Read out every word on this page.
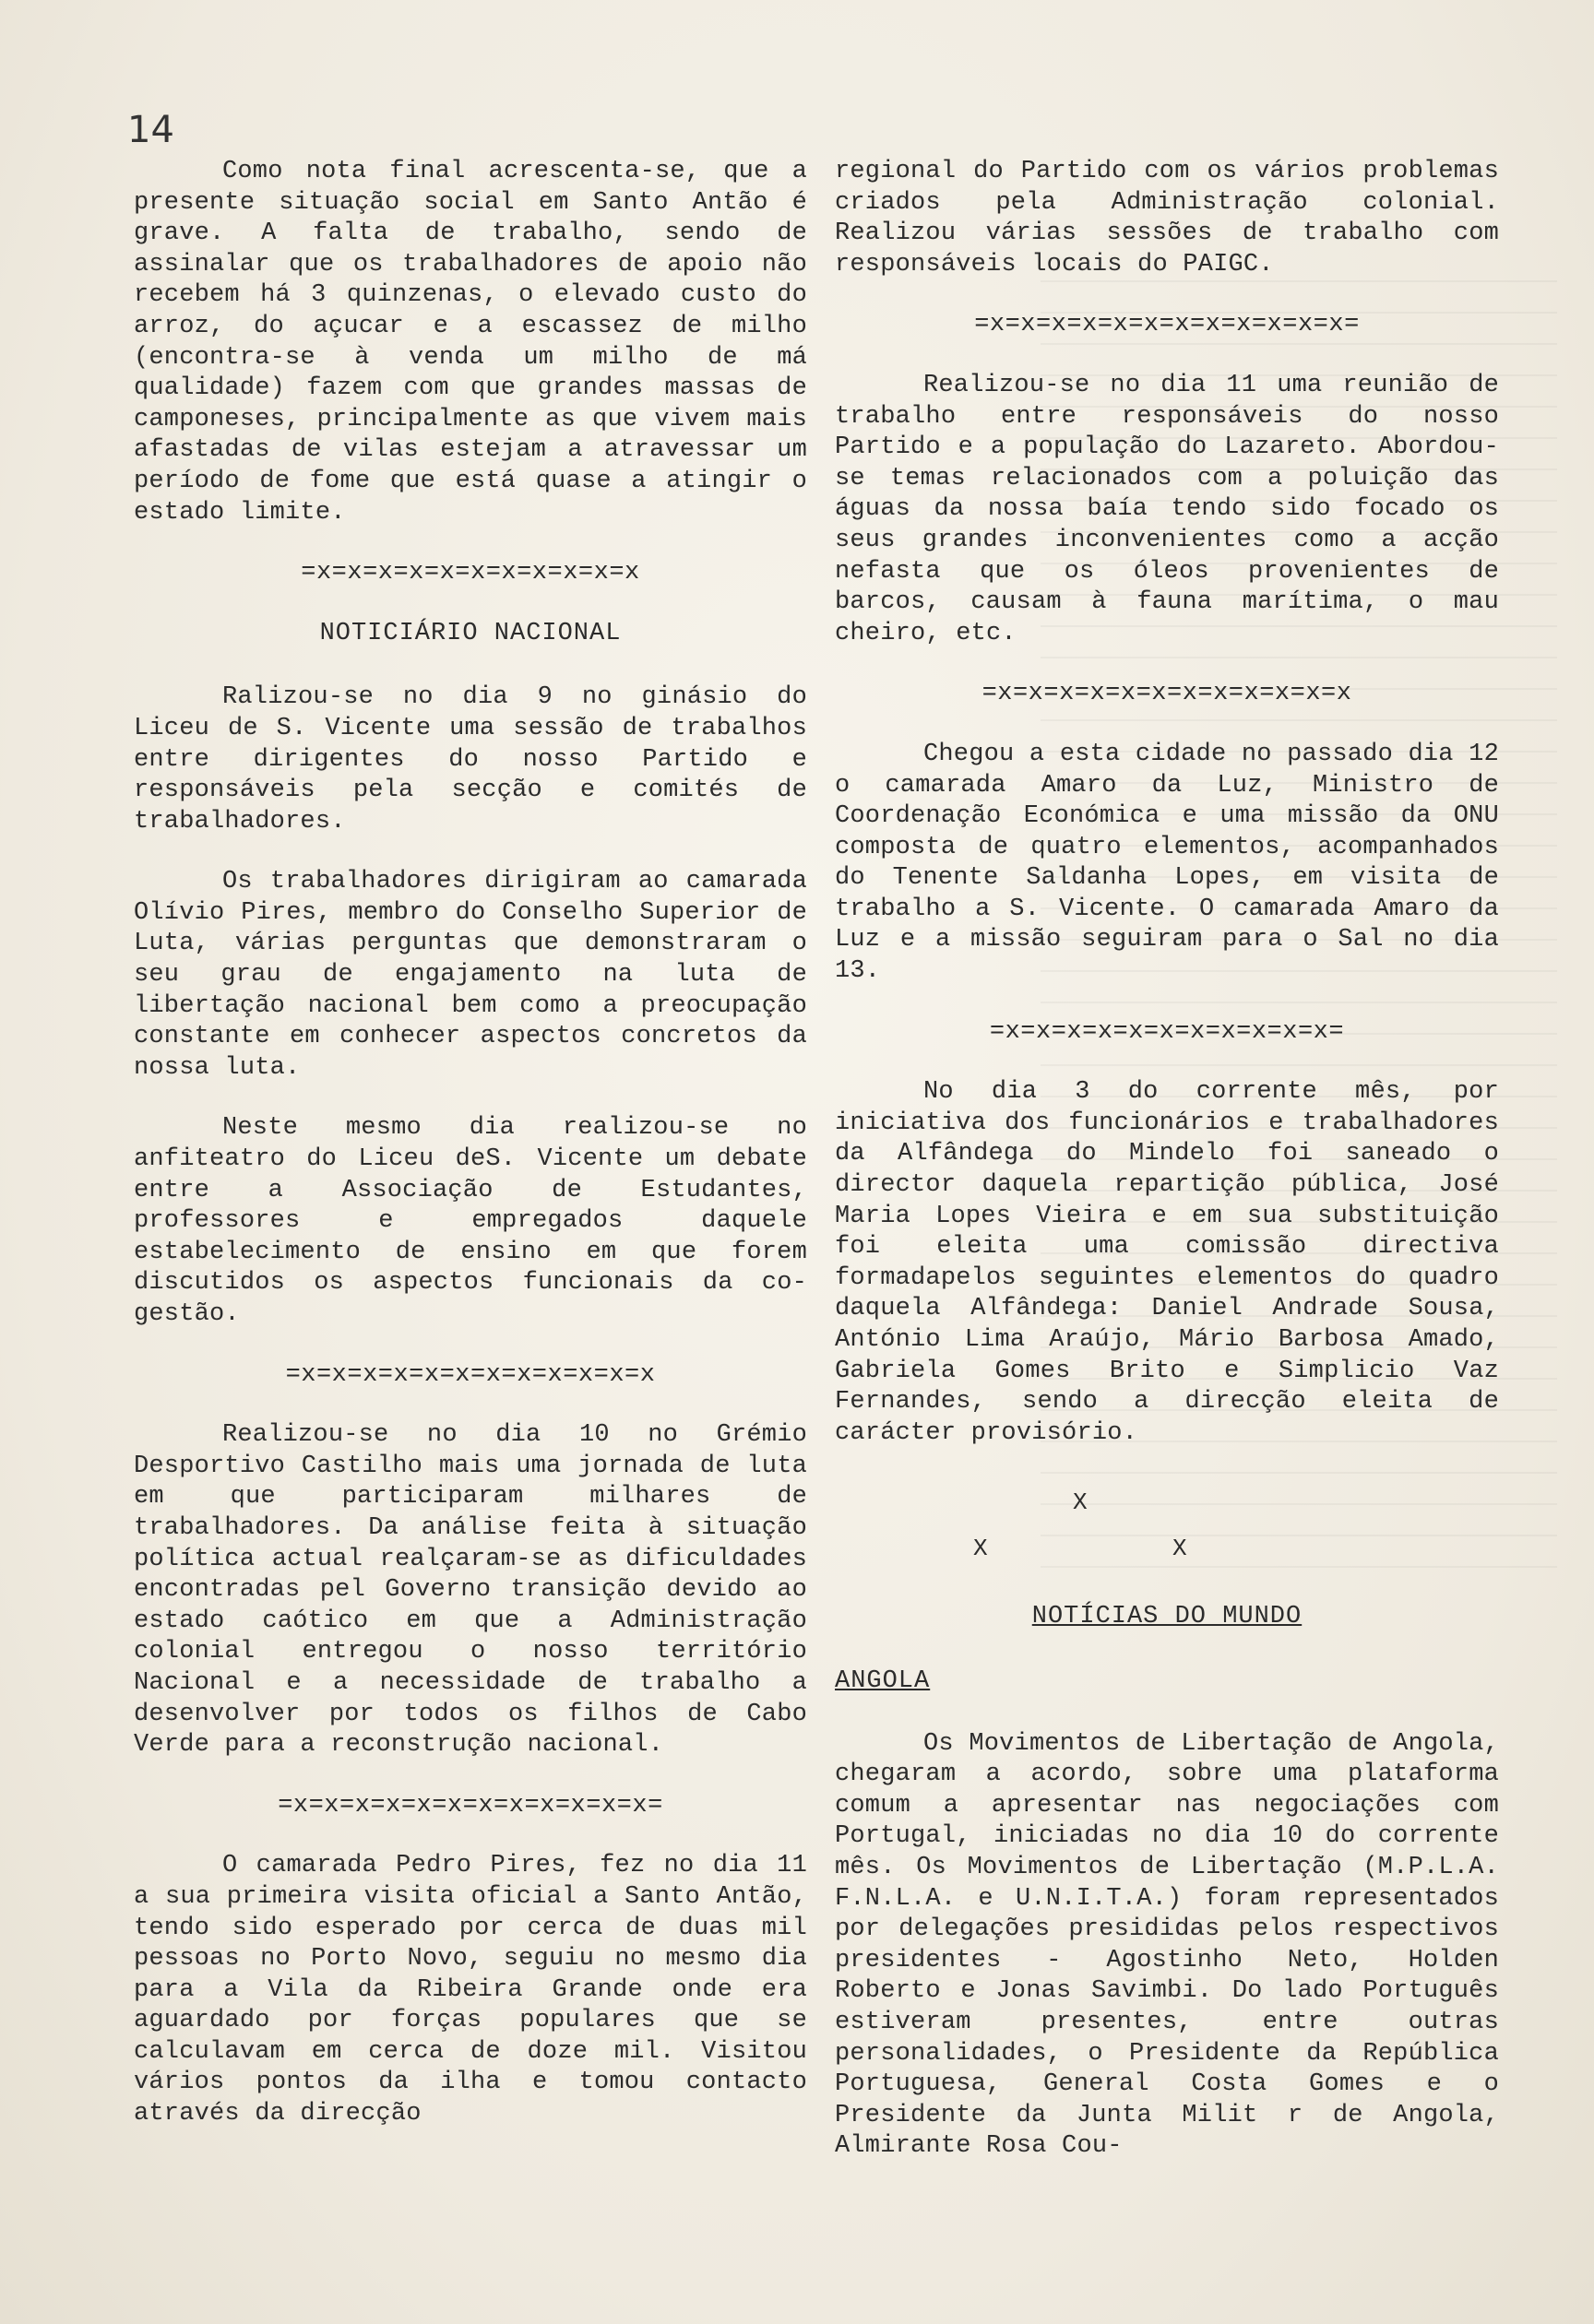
14

Como nota final acrescenta-se, que a presente situação social em Santo Antão é grave. A falta de trabalho, sendo de assinalar que os trabalhadores de apoio não recebem há 3 quinzenas, o elevado custo do arroz, do açucar e a escassez de milho (encontra-se à venda um milho de má qualidade) fazem com que grandes massas de camponeses, principalmente as que vivem mais afastadas de vilas estejam a atravessar um período de fome que está quase a atingir o estado limite.

=x=x=x=x=x=x=x=x=x=x=x
NOTICIÁRIO NACIONAL

Ralizou-se no dia 9 no ginásio do Liceu de S. Vicente uma sessão de trabalhos entre dirigentes do nosso Partido e responsáveis pela secção e comités de trabalhadores.

Os trabalhadores dirigiram ao camarada Olívio Pires, membro do Conselho Superior de Luta, várias perguntas que demonstraram o seu grau de engajamento na luta de libertação nacional bem como a preocupação constante em conhecer aspectos concretos da nossa luta.

Neste mesmo dia realizou-se no anfiteatro do Liceu deS. Vicente um debate entre a Associação de Estudantes, professores e empregados daquele estabelecimento de ensino em que forem discutidos os aspectos funcionais da co-gestão.

=x=x=x=x=x=x=x=x=x=x=x=x

Realizou-se no dia 10 no Grémio Desportivo Castilho mais uma jornada de luta em que participaram milhares de trabalhadores. Da análise feita à situação política actual realçaram-se as dificuldades encontradas pel Governo transição devido ao estado caótico em que a Administração colonial entregou o nosso território Nacional e a necessidade de trabalho a desenvolver por todos os filhos de Cabo Verde para a reconstrução nacional.

=x=x=x=x=x=x=x=x=x=x=x=x=

O camarada Pedro Pires, fez no dia 11 a sua primeira visita oficial a Santo Antão, tendo sido esperado por cerca de duas mil pessoas no Porto Novo, seguiu no mesmo dia para a Vila da Ribeira Grande onde era aguardado por forças populares que se calculavam em cerca de doze mil. Visitou vários pontos da ilha e tomou contacto através da direcção

regional do Partido com os vários problemas criados pela Administração colonial. Realizou várias sessões de trabalho com responsáveis locais do PAIGC.

=x=x=x=x=x=x=x=x=x=x=x=x=

Realizou-se no dia 11 uma reunião de trabalho entre responsáveis do nosso Partido e a população do Lazareto. Abordou-se temas relacionados com a poluição das águas da nossa baía tendo sido focado os seus grandes inconvenientes como a acção nefasta que os óleos provenientes de barcos, causam à fauna marítima, o mau cheiro, etc.

=x=x=x=x=x=x=x=x=x=x=x=x

Chegou a esta cidade no passado dia 12 o camarada Amaro da Luz, Ministro de Coordenação Económica e uma missão da ONU composta de quatro elementos, acompanhados do Tenente Saldanha Lopes, em visita de trabalho a S. Vicente. O camarada Amaro da Luz e a missão seguiram para o Sal no dia 13.

=x=x=x=x=x=x=x=x=x=x=x=

No dia 3 do corrente mês, por iniciativa dos funcionários e trabalhadores da Alfândega do Mindelo foi saneado o director daquela repartição pública, José Maria Lopes Vieira e em sua substituição foi eleita uma comissão directiva formadapelos seguintes elementos do quadro daquela Alfândega: Daniel Andrade Sousa, António Lima Araújo, Mário Barbosa Amado, Gabriela Gomes Brito e Simplicio Vaz Fernandes, sendo a direcção eleita de carácter provisório.

X
X	X
NOTÍCIAS DO MUNDO
ANGOLA

Os Movimentos de Libertação de Angola, chegaram a acordo, sobre uma plataforma comum a apresentar nas negociações com Portugal, iniciadas no dia 10 do corrente mês. Os Movimentos de Libertação (M.P.L.A. F.N.L.A. e U.N.I.T.A.) foram representados por delegações presididas pelos respectivos presidentes - Agostinho Neto, Holden Roberto e Jonas Savimbi. Do lado Português estiveram presentes, entre outras personalidades, o Presidente da República Portuguesa, General Costa Gomes e o Presidente da Junta Milit r de Angola, Almirante Rosa Cou-
